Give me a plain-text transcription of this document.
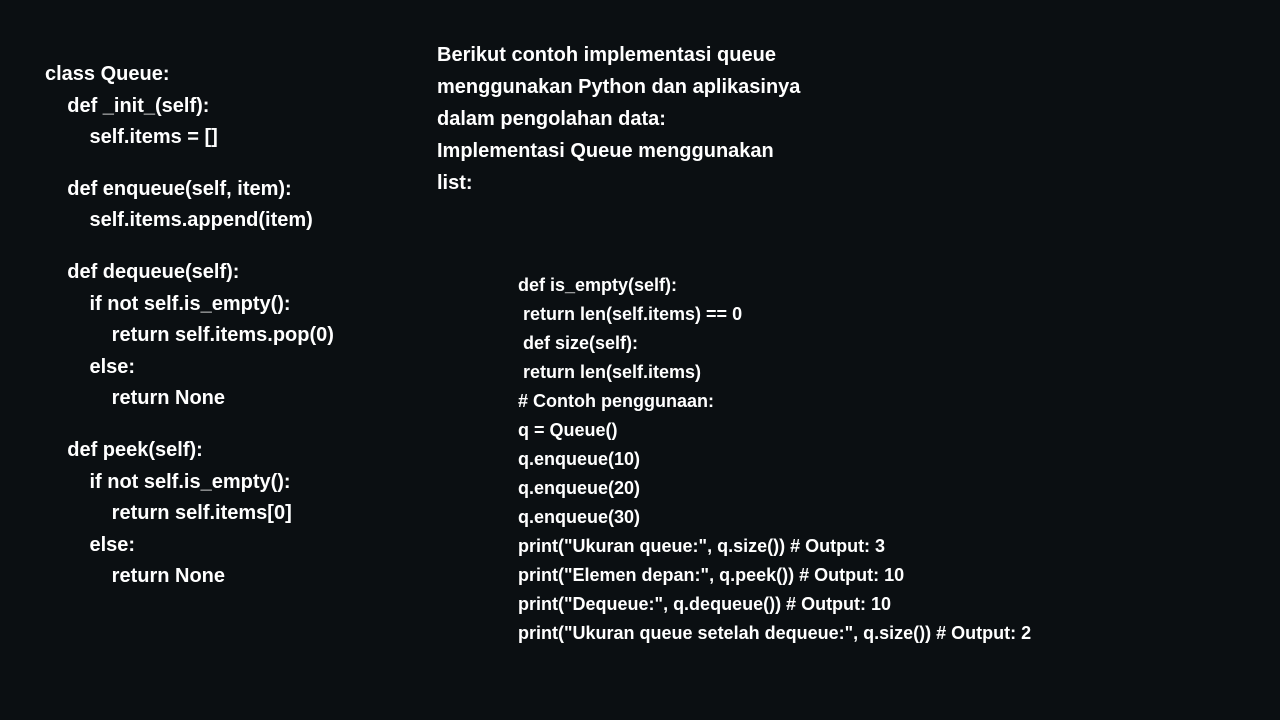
class Queue:
def _init_(self):
self.items = []
def enqueue(self, item):
self.items.append(item)
def dequeue(self):
if not self.is_empty():
return self.items.pop(0)
else:
return None
def peek(self):
if not self.is_empty():
return self.items[0]
else:
return None
Berikut contoh implementasi queue
menggunakan Python dan aplikasinya
dalam pengolahan data:
Implementasi Queue menggunakan
list:
def is_empty(self):
return len(self.items) == 0
def size(self):
return len(self.items)
# Contoh penggunaan:
q = Queue()
q.enqueue(10)
q.enqueue(20)
q.enqueue(30)
print("Ukuran queue:", q.size()) # Output: 3
print("Elemen depan:", q.peek()) # Output: 10
print("Dequeue:", q.dequeue()) # Output: 10
print("Ukuran queue setelah dequeue:", q.size()) # Output: 2
